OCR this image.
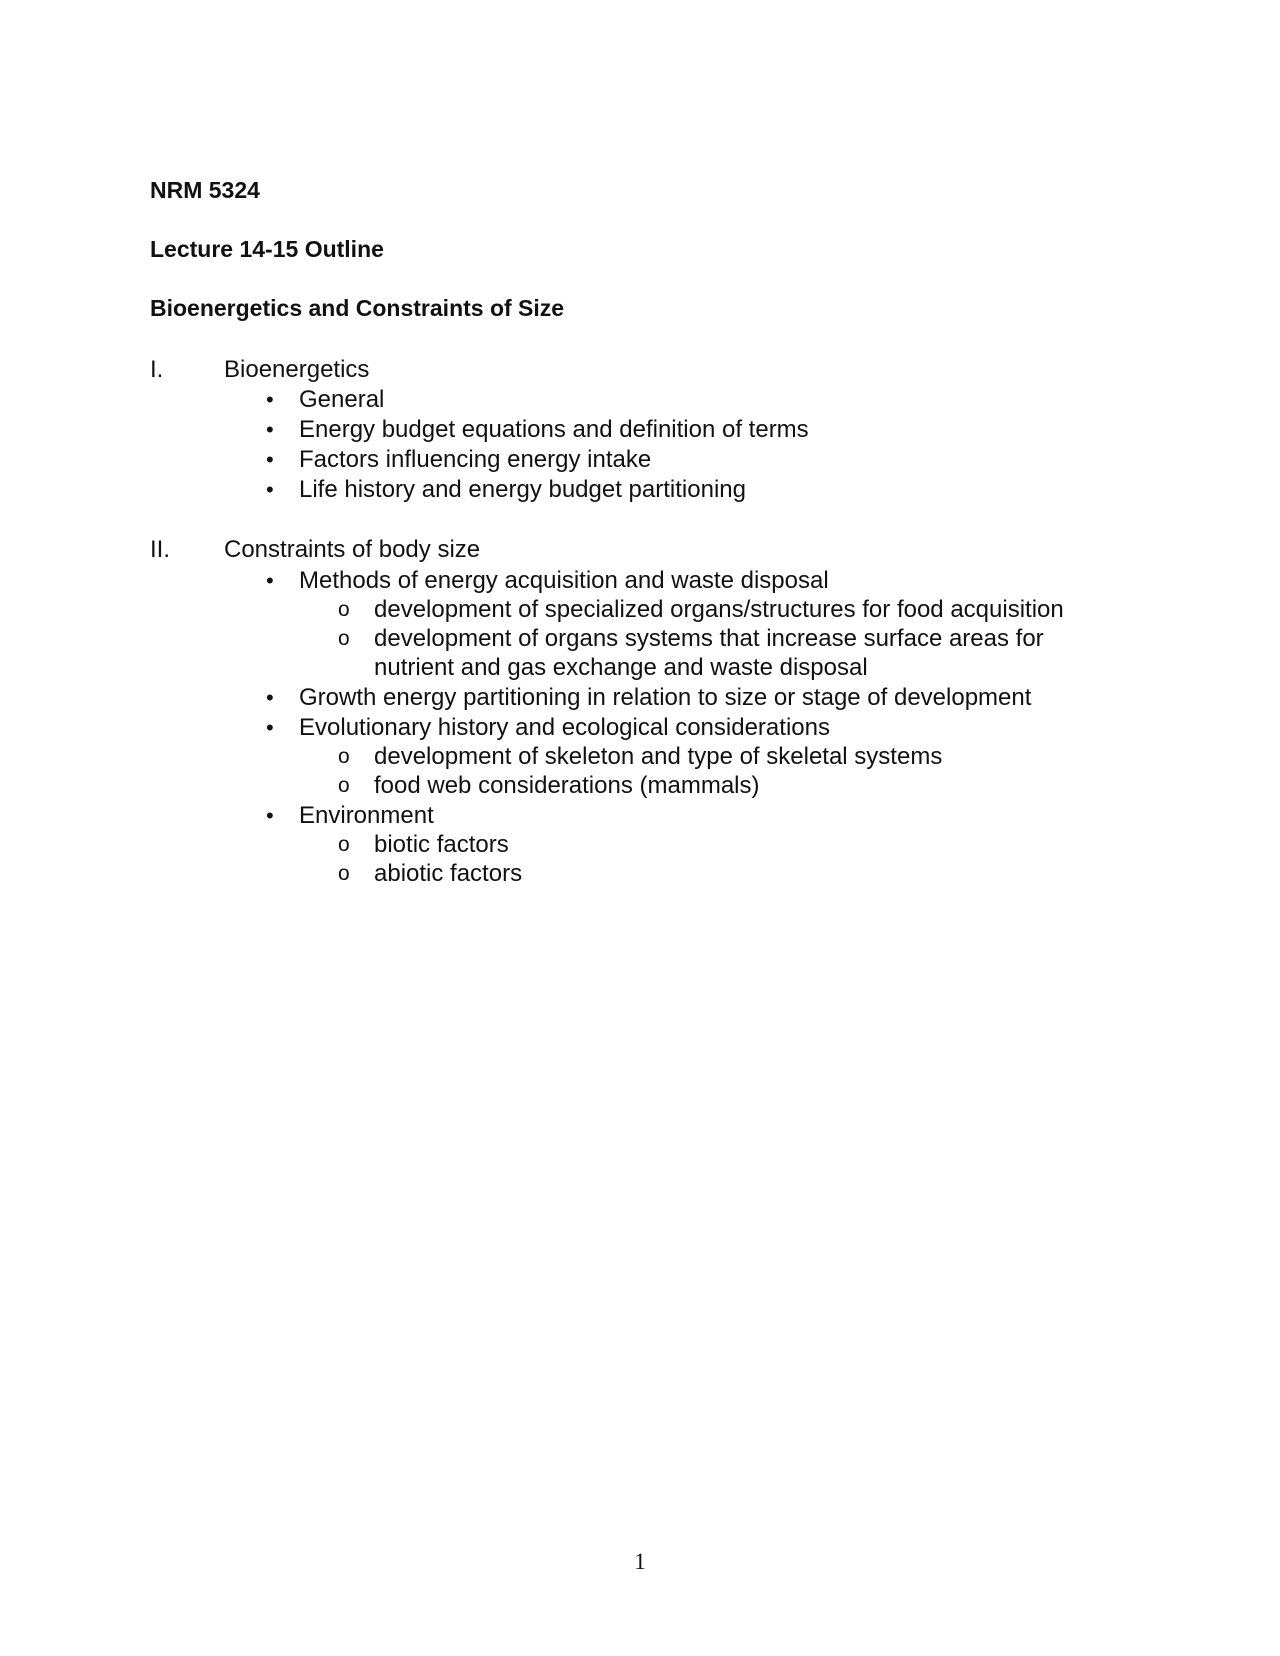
NRM 5324
Lecture 14-15 Outline
Bioenergetics and Constraints of Size
I.	Bioenergetics
• General
• Energy budget equations and definition of terms
• Factors influencing energy intake
• Life history and energy budget partitioning
II. Constraints of body size
• Methods of energy acquisition and waste disposal
o development of specialized organs/structures for food acquisition
o development of organs systems that increase surface areas for
nutrient and gas exchange and waste disposal
• Growth energy partitioning in relation to size or stage of development
• Evolutionary history and ecological considerations
o development of skeleton and type of skeletal systems
o food web considerations (mammals)
• Environment
o biotic factors
o abiotic factors
1
